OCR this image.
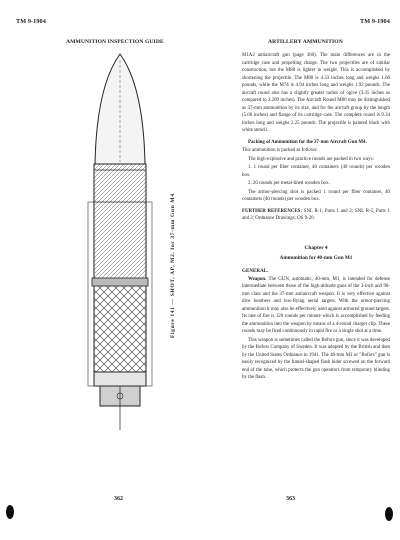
TM 9-1904
AMMUNITION INSPECTION GUIDE
Figure 141 — SHOT, AP, M2, for 37-mm Gun M4
362
TM 9-1904
ARTILLERY AMMUNITION

M1A2 antiaircraft gun (page 360). The main differences are in the cartridge case and propelling charge. The two projectiles are of similar construction, but the M80 is lighter in weight. This is accomplished by shortening the projectile. The M80 is 4.33 inches long and weighs 1.66 pounds, while the M74 is 4.94 inches long and weighs 1.92 pounds. The aircraft round also has a slightly greater radius of ogive (3.35 inches as compared to 2.209 inches). The Aircraft Round M80 may be distinguished as 37-mm ammunition by its size, and for the aircraft group by the length (5.68 inches) and flange of its cartridge case. The complete round is 9.34 inches long and weighs 2.25 pounds. The projectile is painted black with white stencil.

Packing of Ammunition for the 37-mm Aircraft Gun M4.

This ammunition is packed as follows:

The high-explosive and practice rounds are packed in two ways:

1. 1 round per fiber container, 40 containers (40 rounds) per wooden box.

2. 20 rounds per metal-lined wooden box.

The armor-piercing shot is packed 1 round per fiber container, 40 containers (40 rounds) per wooden box.

FURTHER REFERENCES: SNL R-1, Parts 1 and 2; SNL R-5, Parts 1 and 2; Ordnance Drawings; OS 9-20.

Chapter 4
Ammunition for 40-mm Gun M1
GENERAL.

Weapon. The GUN, automatic, 40-mm, M1, is intended for defense intermediate between those of the high-altitude guns of the 3-inch and 90-mm class and the 37-mm antiaircraft weapon. It is very effective against dive bombers and low-flying aerial targets. With the armor-piercing ammunition it may also be effectively used against armored ground targets. Its rate of fire is 120 rounds per minute which is accomplished by feeding the ammunition into the weapon by means of a 4-round charger clip. These rounds may be fired continuously in rapid fire or a single shot at a time.

This weapon is sometimes called the Bofors gun, since it was developed by the Bofors Company of Sweden. It was adopted by the British and then by the United States Ordnance in 1941. The 40-mm M1 or "Bofors" gun is easily recognized by the funnel-shaped flash hider screwed on the forward end of the tube, which protects the gun operators from temporary blinding by the flash.

363
